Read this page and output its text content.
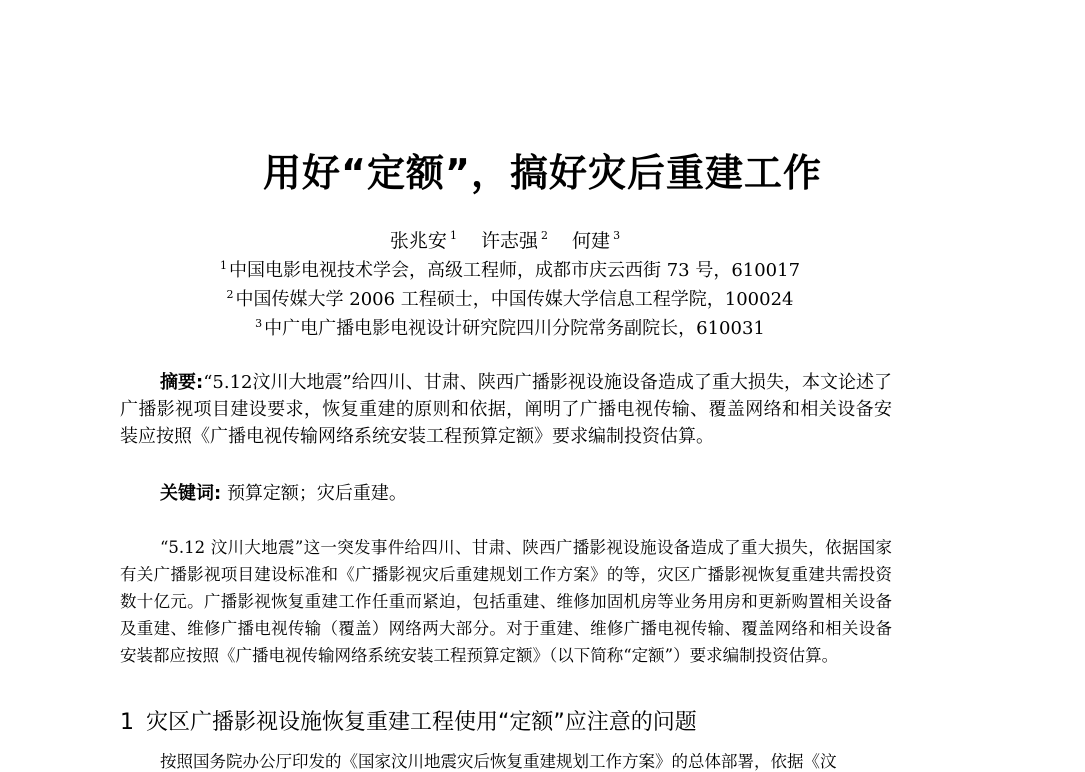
用好“定额”，搞好灾后重建工作
张兆安 $^1$ 许志强 $^2$ 何建 $^3$
$^1$ 中国电影电视技术学会，高级工程师，成都市庆云西街 73 号，610017
$^2$ 中国传媒大学 2006 工程硕士，中国传媒大学信息工程学院，100024
$^3$ 中广电广播电影电视设计研究院四川分院常务副院长，610031

摘要:“5.12汶川大地震”给四川、甘肃、陕西广播影视设施设备造成了重大损失，本文论述了广播影视项目建设要求，恢复重建的原则和依据，阐明了广播电视传输、覆盖网络和相关设备安装应按照《广播电视传输网络系统安装工程预算定额》要求编制投资估算。

关键词: 预算定额；灾后重建。

“5.12 汶川大地震”这一突发事件给四川、甘肃、陕西广播影视设施设备造成了重大损失，依据国家有关广播影视项目建设标准和《广播影视灾后重建规划工作方案》的等，灾区广播影视恢复重建共需投资数十亿元。广播影视恢复重建工作任重而紧迫，包括重建、维修加固机房等业务用房和更新购置相关设备及重建、维修广播电视传输（覆盖）网络两大部分。对于重建、维修广播电视传输、覆盖网络和相关设备安装都应按照《广播电视传输网络系统安装工程预算定额》（以下简称“定额”）要求编制投资估算。

1 灾区广播影视设施恢复重建工程使用“定额”应注意的问题
按照国务院办公厅印发的《国家汶川地震灾后恢复重建规划工作方案》的总体部署，依据《汶
